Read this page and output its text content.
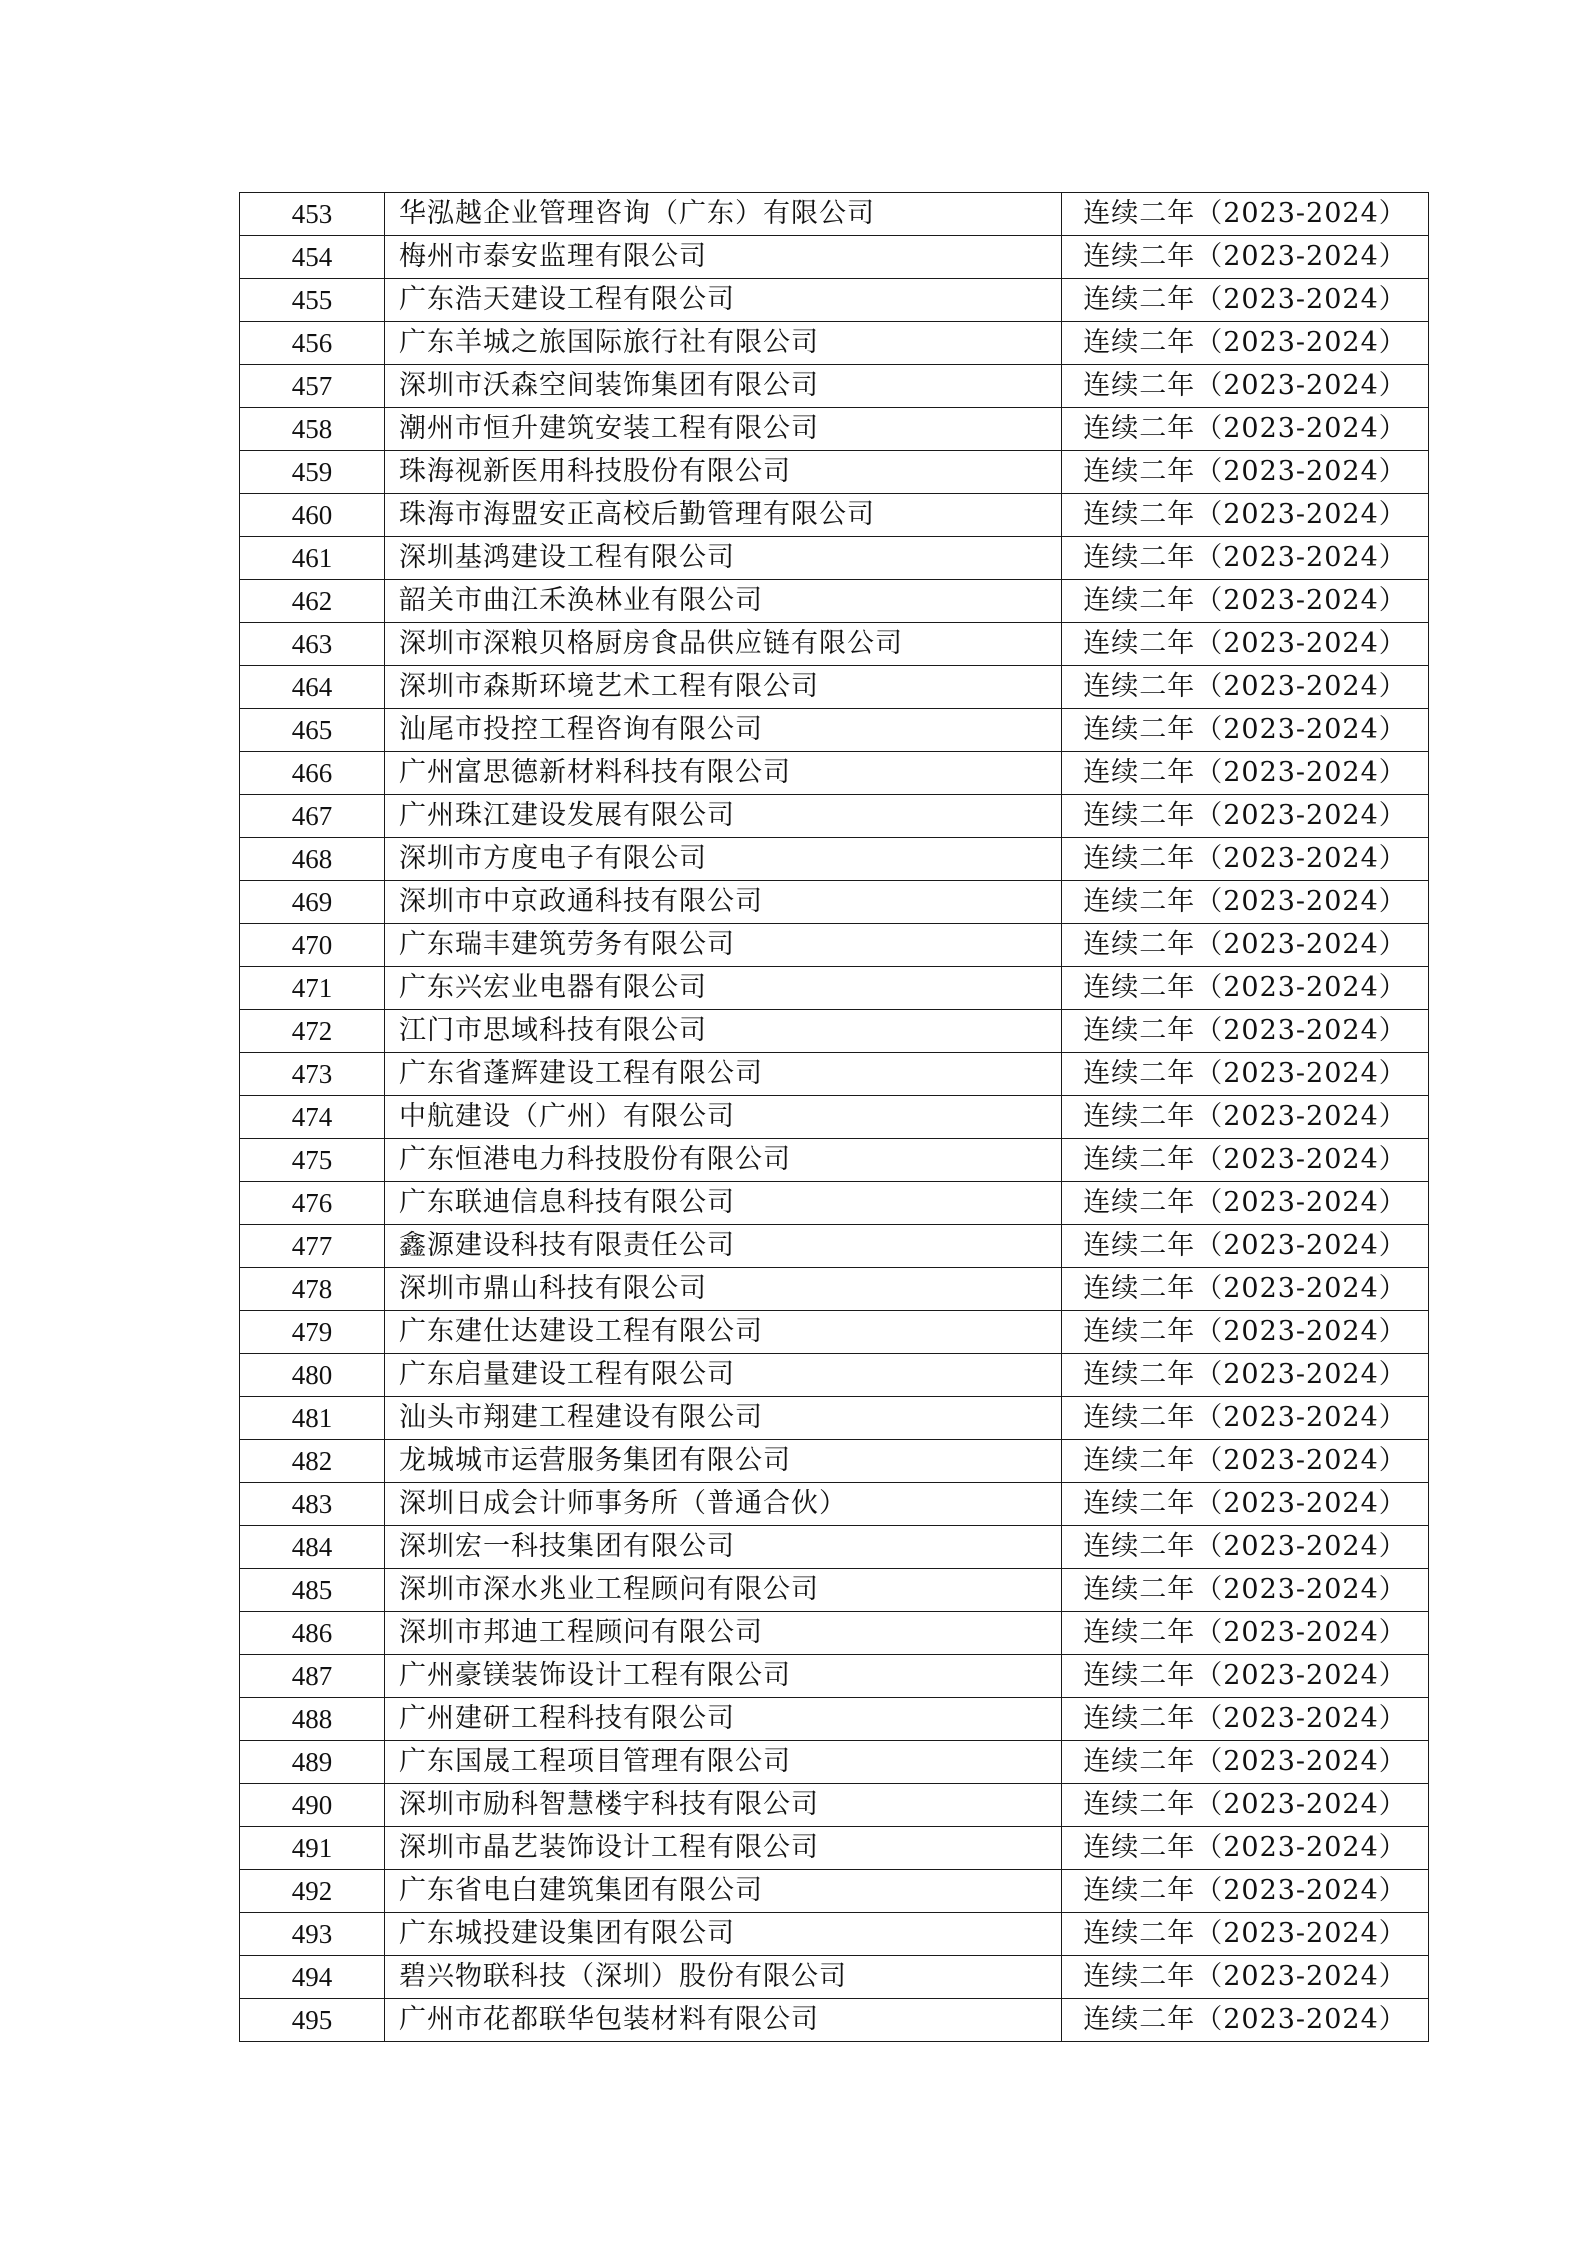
453	华泓越企业管理咨询（广东）有限公司	连续二年（2023-2024）
454	梅州市泰安监理有限公司	连续二年（2023-2024）
455	广东浩天建设工程有限公司	连续二年（2023-2024）
456	广东羊城之旅国际旅行社有限公司	连续二年（2023-2024）
457	深圳市沃森空间装饰集团有限公司	连续二年（2023-2024）
458	潮州市恒升建筑安装工程有限公司	连续二年（2023-2024）
459	珠海视新医用科技股份有限公司	连续二年（2023-2024）
460	珠海市海盟安正高校后勤管理有限公司	连续二年（2023-2024）
461	深圳基鸿建设工程有限公司	连续二年（2023-2024）
462	韶关市曲江禾涣林业有限公司	连续二年（2023-2024）
463	深圳市深粮贝格厨房食品供应链有限公司	连续二年（2023-2024）
464	深圳市森斯环境艺术工程有限公司	连续二年（2023-2024）
465	汕尾市投控工程咨询有限公司	连续二年（2023-2024）
466	广州富思德新材料科技有限公司	连续二年（2023-2024）
467	广州珠江建设发展有限公司	连续二年（2023-2024）
468	深圳市方度电子有限公司	连续二年（2023-2024）
469	深圳市中京政通科技有限公司	连续二年（2023-2024）
470	广东瑞丰建筑劳务有限公司	连续二年（2023-2024）
471	广东兴宏业电器有限公司	连续二年（2023-2024）
472	江门市思域科技有限公司	连续二年（2023-2024）
473	广东省蓬辉建设工程有限公司	连续二年（2023-2024）
474	中航建设（广州）有限公司	连续二年（2023-2024）
475	广东恒港电力科技股份有限公司	连续二年（2023-2024）
476	广东联迪信息科技有限公司	连续二年（2023-2024）
477	鑫源建设科技有限责任公司	连续二年（2023-2024）
478	深圳市鼎山科技有限公司	连续二年（2023-2024）
479	广东建仕达建设工程有限公司	连续二年（2023-2024）
480	广东启量建设工程有限公司	连续二年（2023-2024）
481	汕头市翔建工程建设有限公司	连续二年（2023-2024）
482	龙城城市运营服务集团有限公司	连续二年（2023-2024）
483	深圳日成会计师事务所（普通合伙）	连续二年（2023-2024）
484	深圳宏一科技集团有限公司	连续二年（2023-2024）
485	深圳市深水兆业工程顾问有限公司	连续二年（2023-2024）
486	深圳市邦迪工程顾问有限公司	连续二年（2023-2024）
487	广州豪镁装饰设计工程有限公司	连续二年（2023-2024）
488	广州建研工程科技有限公司	连续二年（2023-2024）
489	广东国晟工程项目管理有限公司	连续二年（2023-2024）
490	深圳市励科智慧楼宇科技有限公司	连续二年（2023-2024）
491	深圳市晶艺装饰设计工程有限公司	连续二年（2023-2024）
492	广东省电白建筑集团有限公司	连续二年（2023-2024）
493	广东城投建设集团有限公司	连续二年（2023-2024）
494	碧兴物联科技（深圳）股份有限公司	连续二年（2023-2024）
495	广州市花都联华包装材料有限公司	连续二年（2023-2024）
